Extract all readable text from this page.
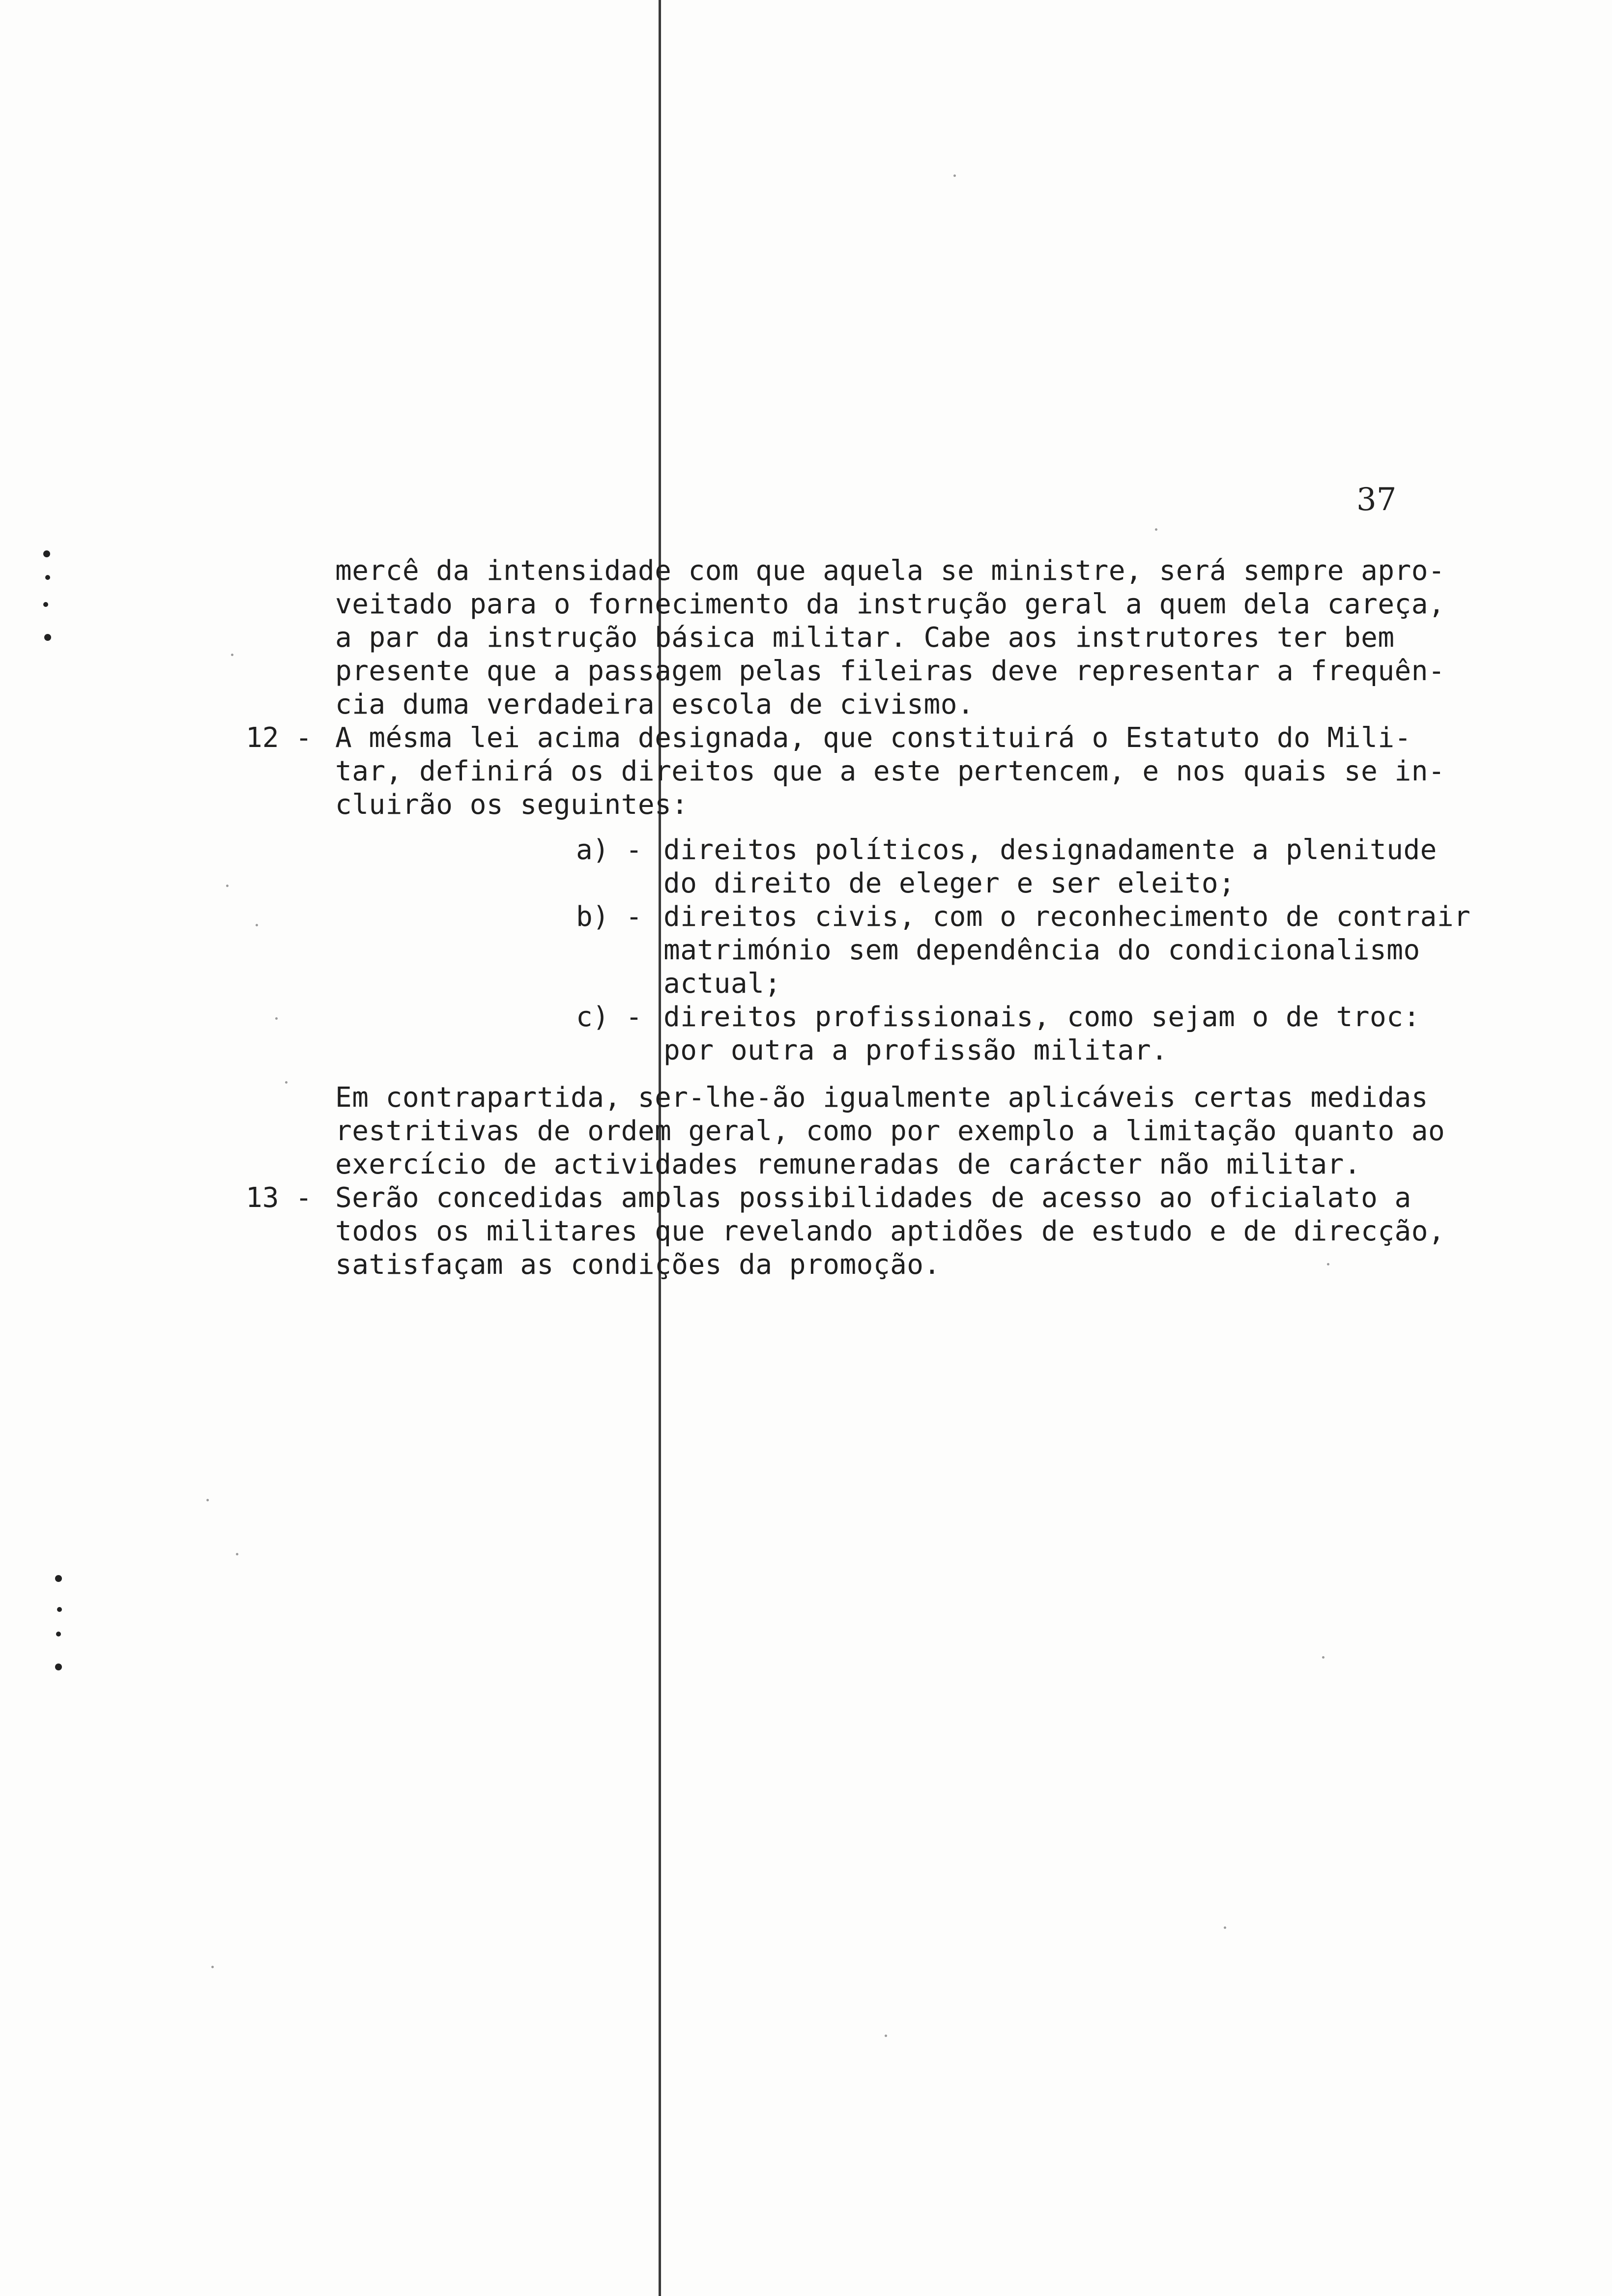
37
mercê da intensidade com que aquela se ministre, será sempre apro-
veitado para o fornecimento da instrução geral a quem dela careça,
a par da instrução básica militar. Cabe aos instrutores ter bem
presente que a passagem pelas fileiras deve representar a frequên-
cia duma verdadeira escola de civismo.
12 - A mésma lei acima designada, que constituirá o Estatuto do Mili-
tar, definirá os direitos que a este pertencem, e nos quais se in-
cluirão os seguintes:
a) - direitos políticos, designadamente a plenitude
do direito de eleger e ser eleito;
b) - direitos civis, com o reconhecimento de contrair
matrimónio sem dependência do condicionalismo
actual;
c) - direitos profissionais, como sejam o de troc:
por outra a profissão militar.
Em contrapartida, ser-lhe-ão igualmente aplicáveis certas medidas
restritivas de ordem geral, como por exemplo a limitação quanto ao
exercício de actividades remuneradas de carácter não militar.
13 - Serão concedidas amplas possibilidades de acesso ao oficialato a
todos os militares que revelando aptidões de estudo e de direcção,
satisfaçam as condições da promoção.
